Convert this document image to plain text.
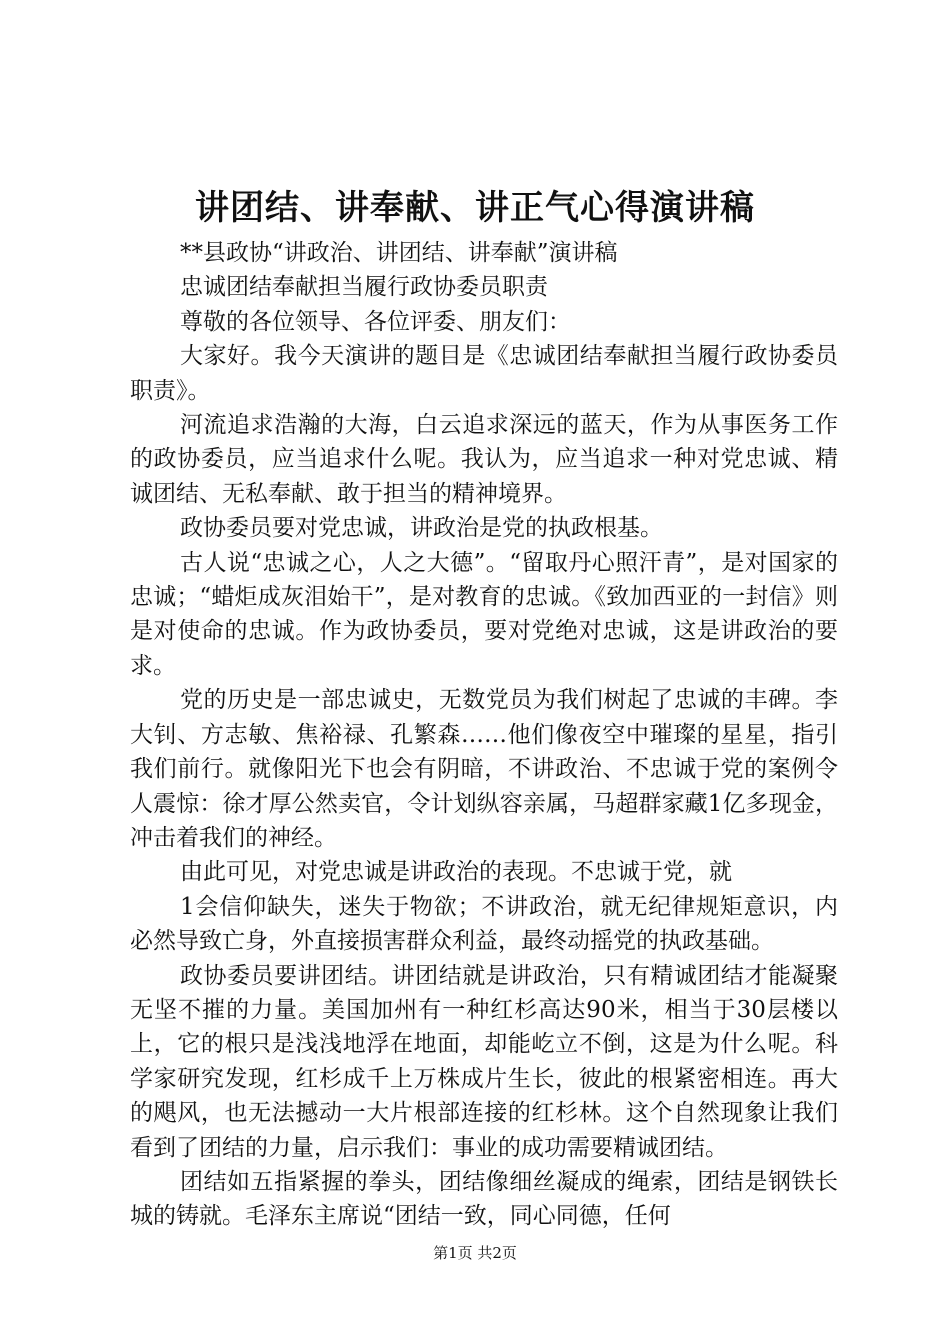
讲团结、讲奉献、讲正气心得演讲稿

**县政协“讲政治、讲团结、讲奉献”演讲稿

忠诚团结奉献担当履行政协委员职责

尊敬的各位领导、各位评委、朋友们：

大家好。我今天演讲的题目是《忠诚团结奉献担当履行政协委员职责》。

河流追求浩瀚的大海，白云追求深远的蓝天，作为从事医务工作的政协委员，应当追求什么呢。我认为，应当追求一种对党忠诚、精诚团结、无私奉献、敢于担当的精神境界。

政协委员要对党忠诚，讲政治是党的执政根基。

古人说“忠诚之心，人之大德”。“留取丹心照汗青”，是对国家的忠诚；“蜡炬成灰泪始干”，是对教育的忠诚。《致加西亚的一封信》则是对使命的忠诚。作为政协委员，要对党绝对忠诚，这是讲政治的要求。

党的历史是一部忠诚史，无数党员为我们树起了忠诚的丰碑。李大钊、方志敏、焦裕禄、孔繁森……他们像夜空中璀璨的星星，指引我们前行。就像阳光下也会有阴暗，不讲政治、不忠诚于党的案例令人震惊：徐才厚公然卖官，令计划纵容亲属，马超群家藏1亿多现金，冲击着我们的神经。

由此可见，对党忠诚是讲政治的表现。不忠诚于党，就

1会信仰缺失，迷失于物欲；不讲政治，就无纪律规矩意识，内必然导致亡身，外直接损害群众利益，最终动摇党的执政基础。

政协委员要讲团结。讲团结就是讲政治，只有精诚团结才能凝聚无坚不摧的力量。美国加州有一种红杉高达90米，相当于30层楼以上，它的根只是浅浅地浮在地面，却能屹立不倒，这是为什么呢。科学家研究发现，红杉成千上万株成片生长，彼此的根紧密相连。再大的飓风，也无法撼动一大片根部连接的红杉林。这个自然现象让我们看到了团结的力量，启示我们：事业的成功需要精诚团结。

团结如五指紧握的拳头，团结像细丝凝成的绳索，团结是钢铁长城的铸就。毛泽东主席说“团结一致，同心同德，任何

第1页 共2页
